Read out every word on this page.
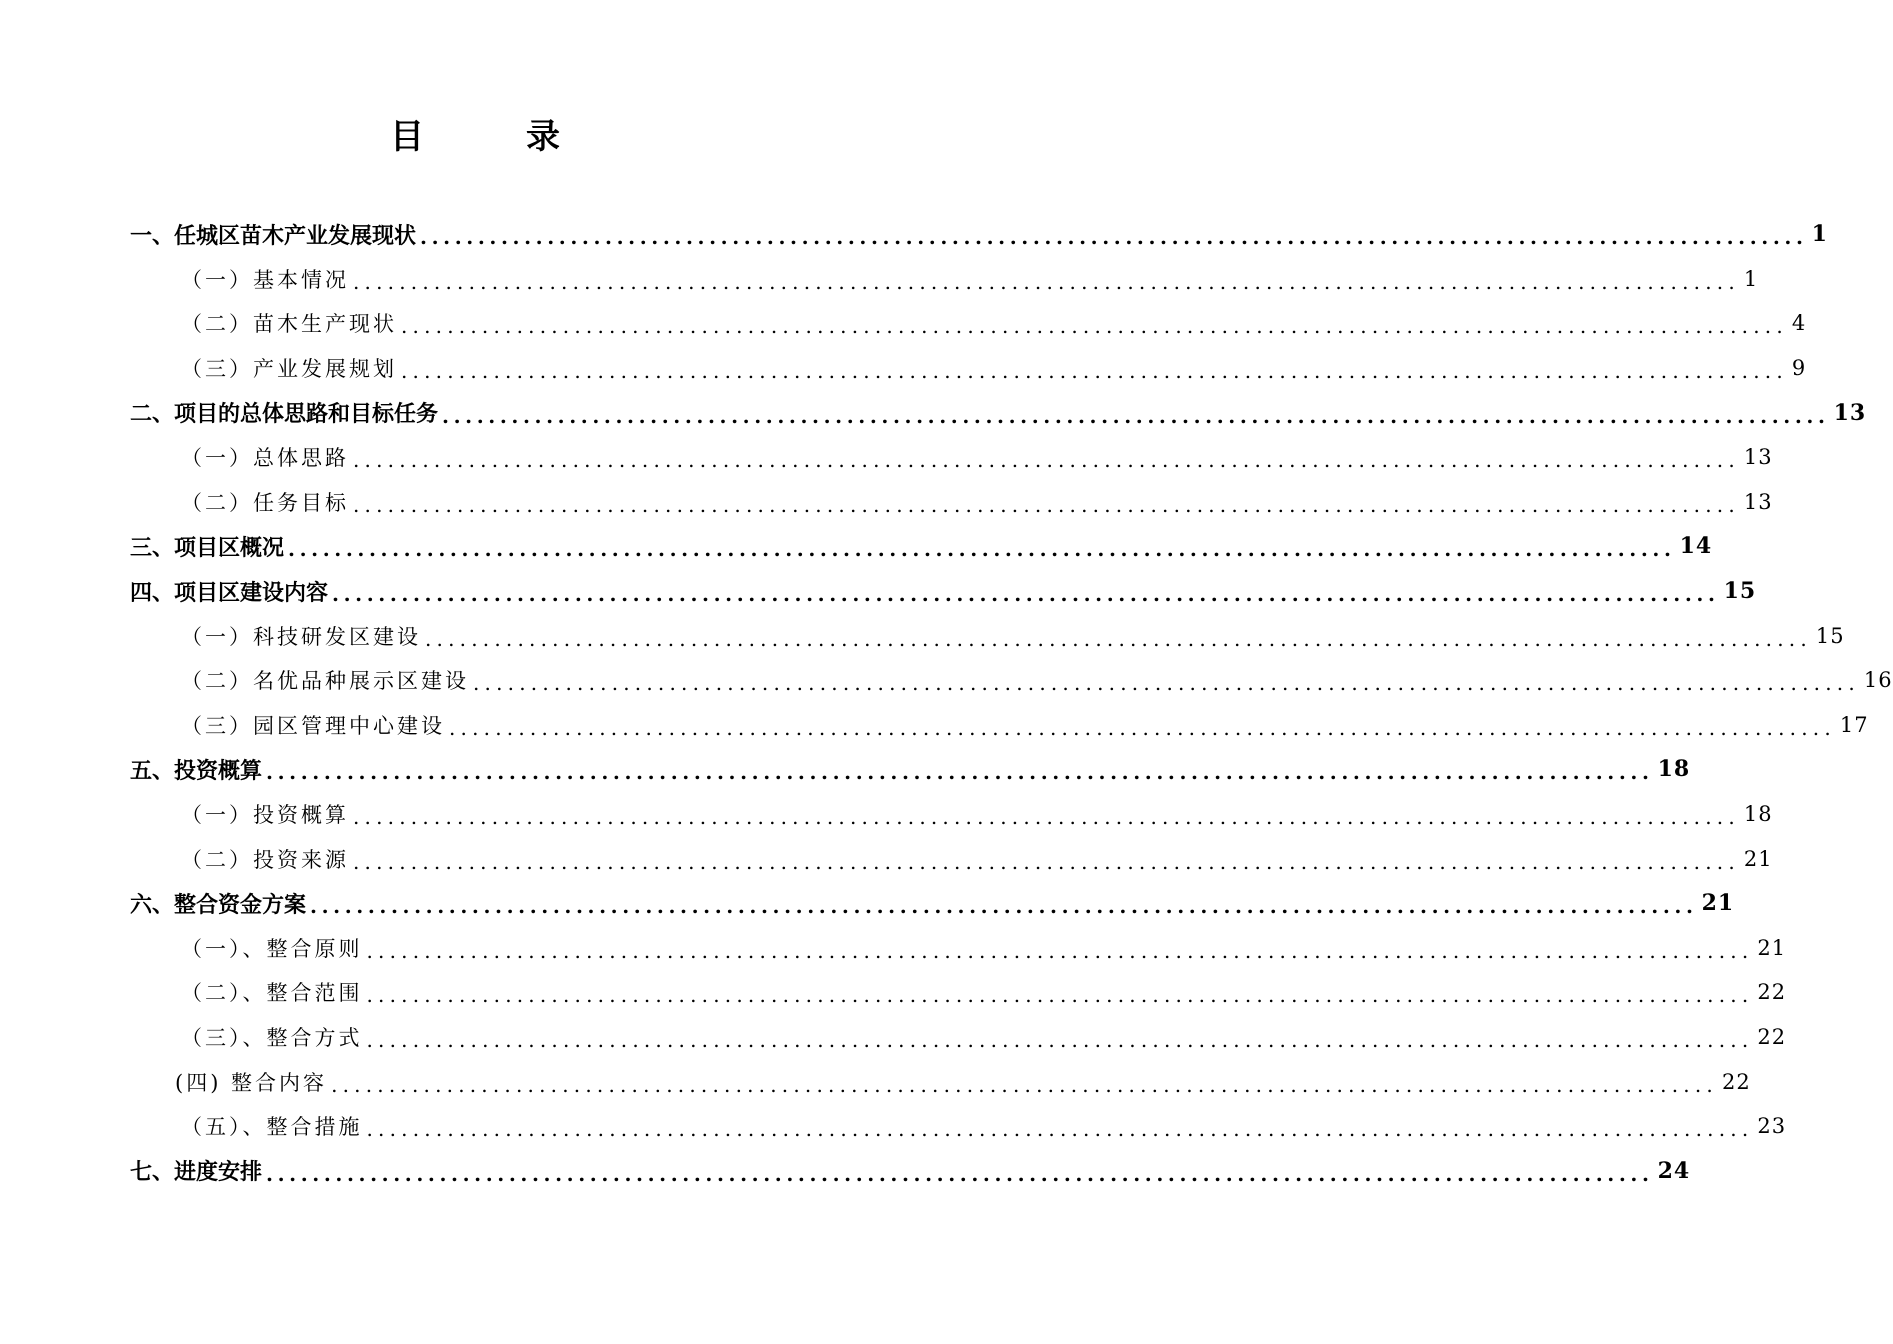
目　录
一、任城区苗木产业发展现状 ........................................................................................................................ 1
（一）基本情况 ........................................................................................................................ 1
（二）苗木生产现状 ........................................................................................................................ 4
（三）产业发展规划 ........................................................................................................................ 9
二、项目的总体思路和目标任务 ........................................................................................................................ 13
（一）总体思路 ........................................................................................................................ 13
（二）任务目标 ........................................................................................................................ 13
三、项目区概况 ........................................................................................................................ 14
四、项目区建设内容 ........................................................................................................................ 15
（一）科技研发区建设 ........................................................................................................................ 15
（二）名优品种展示区建设 ........................................................................................................................ 16
（三）园区管理中心建设 ........................................................................................................................ 17
五、投资概算 ........................................................................................................................ 18
（一）投资概算 ........................................................................................................................ 18
（二）投资来源 ........................................................................................................................ 21
六、整合资金方案 ........................................................................................................................ 21
（一）、整合原则 ........................................................................................................................ 21
（二）、整合范围 ........................................................................................................................ 22
（三）、整合方式 ........................................................................................................................ 22
(四) 整合内容 ........................................................................................................................ 22
（五）、整合措施 ........................................................................................................................ 23
七、进度安排 ........................................................................................................................ 24
